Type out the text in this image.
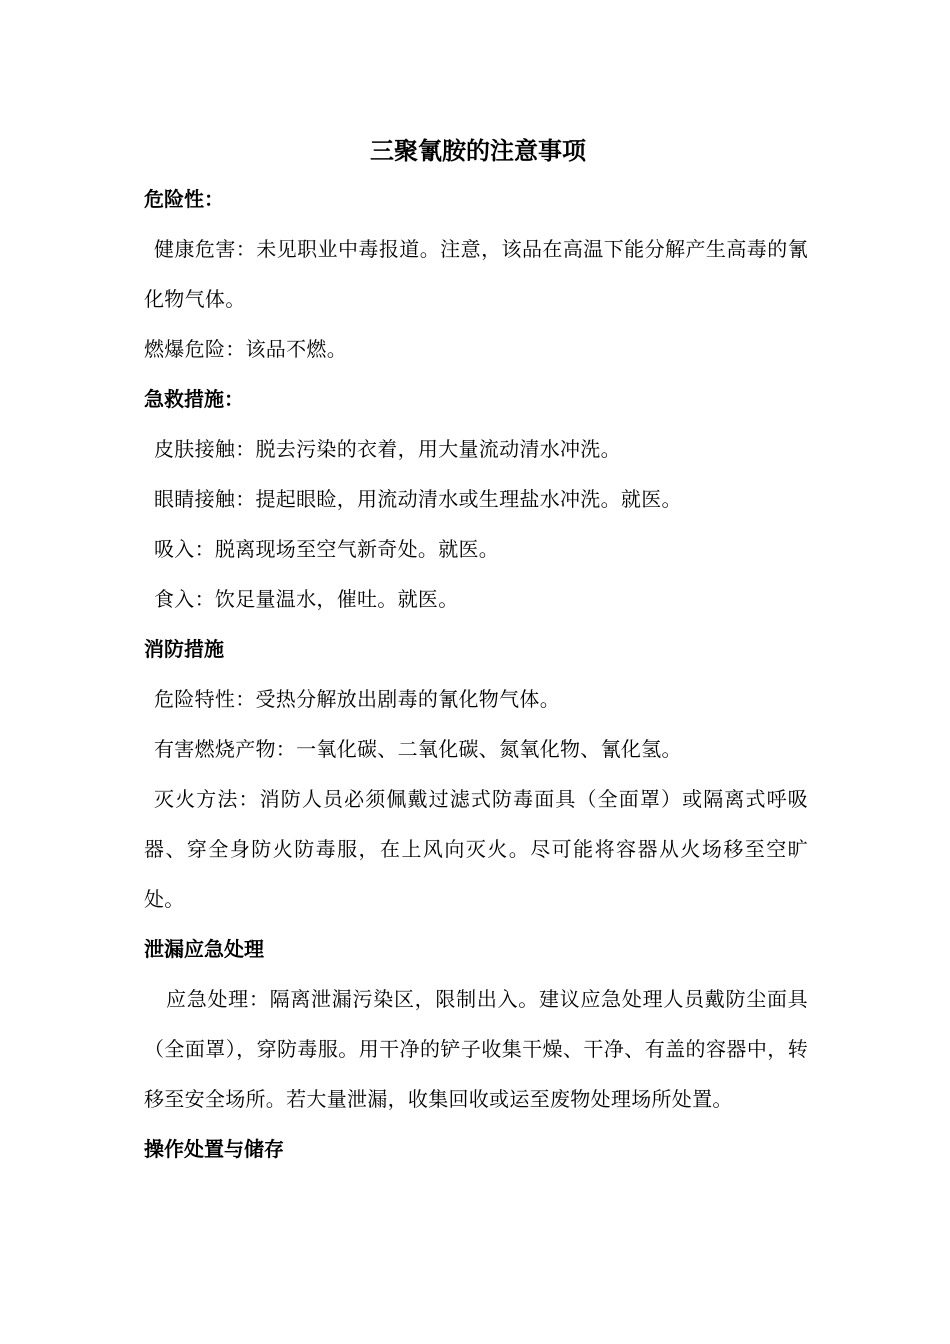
三聚氰胺的注意事项

危险性：

健康危害：未见职业中毒报道。注意，该品在高温下能分解产生高毒的氰化物气体。

燃爆危险：该品不燃。

急救措施：

皮肤接触：脱去污染的衣着，用大量流动清水冲洗。

眼睛接触：提起眼睑，用流动清水或生理盐水冲洗。就医。

吸入：脱离现场至空气新奇处。就医。

食入：饮足量温水，催吐。就医。

消防措施

危险特性：受热分解放出剧毒的氰化物气体。

有害燃烧产物：一氧化碳、二氧化碳、氮氧化物、氰化氢。

灭火方法：消防人员必须佩戴过滤式防毒面具（全面罩）或隔离式呼吸器、穿全身防火防毒服，在上风向灭火。尽可能将容器从火场移至空旷处。

泄漏应急处理

应急处理：隔离泄漏污染区，限制出入。建议应急处理人员戴防尘面具（全面罩），穿防毒服。用干净的铲子收集干燥、干净、有盖的容器中，转移至安全场所。若大量泄漏，收集回收或运至废物处理场所处置。

操作处置与储存
